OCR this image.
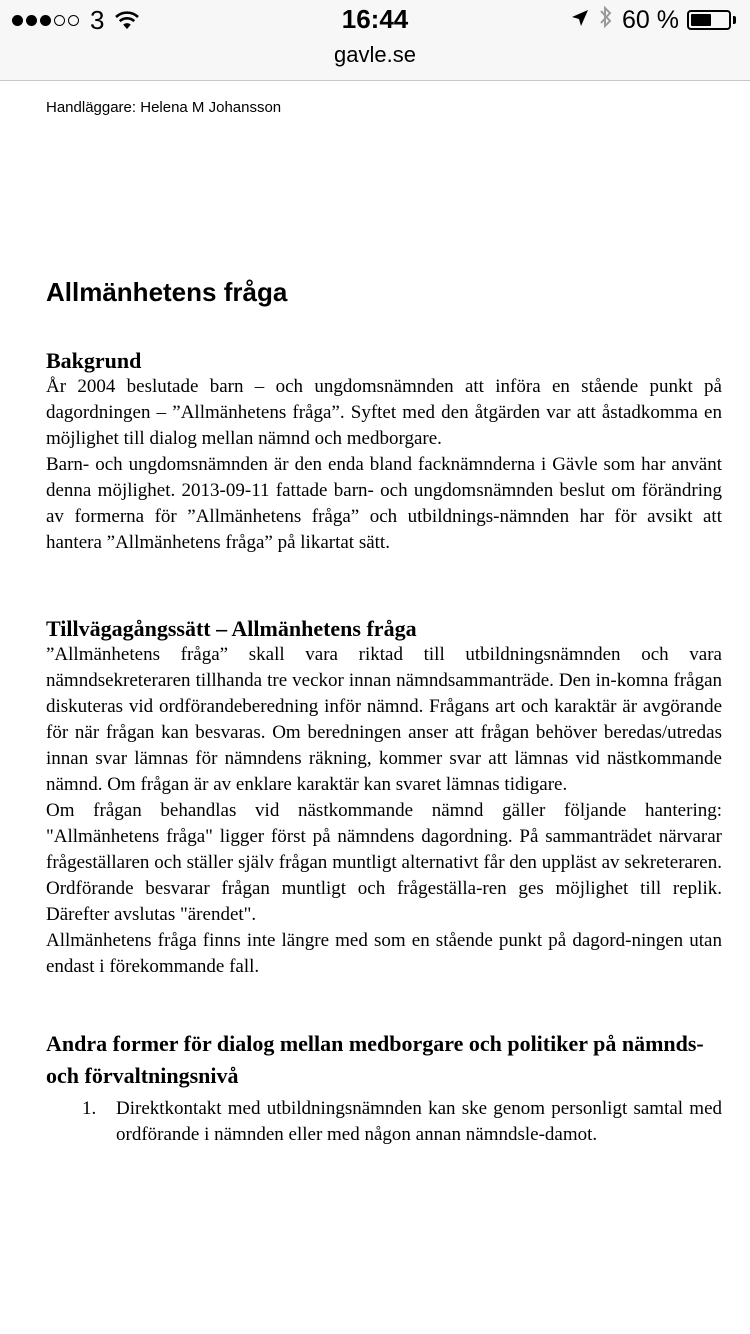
3	16:44	60 %
gavle.se
Handläggare: Helena M Johansson
Allmänhetens fråga
Bakgrund

År 2004 beslutade barn – och ungdomsnämnden att införa en stående punkt på dagordningen – ”Allmänhetens fråga”. Syftet med den åtgärden var att åstadkomma en möjlighet till dialog mellan nämnd och medborgare.

Barn- och ungdomsnämnden är den enda bland facknämnderna i Gävle som har använt denna möjlighet. 2013-09-11 fattade barn- och ungdomsnämnden beslut om förändring av formerna för ”Allmänhetens fråga” och utbildnings-nämnden har för avsikt att hantera ”Allmänhetens fråga” på likartat sätt.

Tillvägagångssätt – Allmänhetens fråga

”Allmänhetens fråga” skall vara riktad till utbildningsnämnden och vara nämndsekreteraren tillhanda tre veckor innan nämndsammanträde. Den in-komna frågan diskuteras vid ordförandeberedning inför nämnd. Frågans art och karaktär är avgörande för när frågan kan besvaras. Om beredningen anser att frågan behöver beredas/utredas innan svar lämnas för nämndens räkning, kommer svar att lämnas vid nästkommande nämnd. Om frågan är av enklare karaktär kan svaret lämnas tidigare.

Om frågan behandlas vid nästkommande nämnd gäller följande hantering: "Allmänhetens fråga" ligger först på nämndens dagordning. På sammanträdet närvarar frågeställaren och ställer själv frågan muntligt alternativt får den uppläst av sekreteraren. Ordförande besvarar frågan muntligt och frågeställa-ren ges möjlighet till replik. Därefter avslutas "ärendet".

Allmänhetens fråga finns inte längre med som en stående punkt på dagord-ningen utan endast i förekommande fall.

Andra former för dialog mellan medborgare och politiker på nämnds- och förvaltningsnivå
1. Direktkontakt med utbildningsnämnden kan ske genom personligt samtal med ordförande i nämnden eller med någon annan nämndsle-damot.
